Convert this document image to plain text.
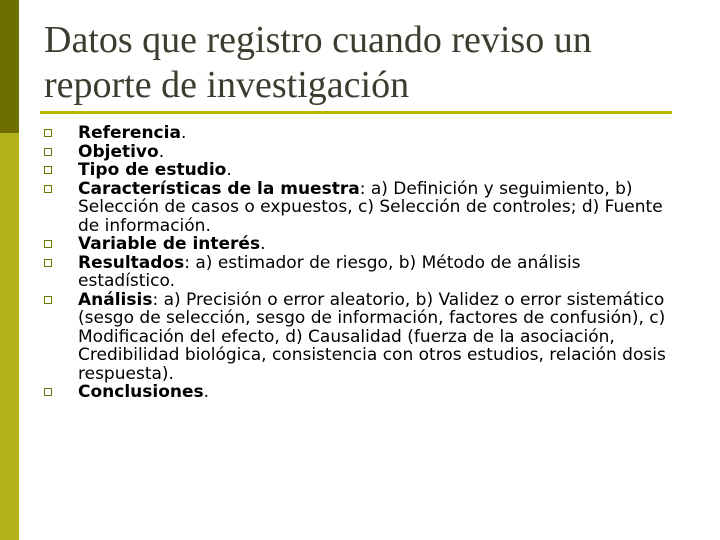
Datos que registro cuando reviso un reporte de investigación
Referencia.
Objetivo.
Tipo de estudio.
Características de la muestra: a) Definición y seguimiento, b) Selección de casos o expuestos, c) Selección de controles; d) Fuente de información.
Variable de interés.
Resultados: a) estimador de riesgo, b) Método de análisis estadístico.
Análisis: a) Precisión o error aleatorio, b) Validez o error sistemático (sesgo de selección, sesgo de información, factores de confusión), c) Modificación del efecto, d) Causalidad (fuerza de la asociación, Credibilidad biológica, consistencia con otros estudios, relación dosis respuesta).
Conclusiones.
